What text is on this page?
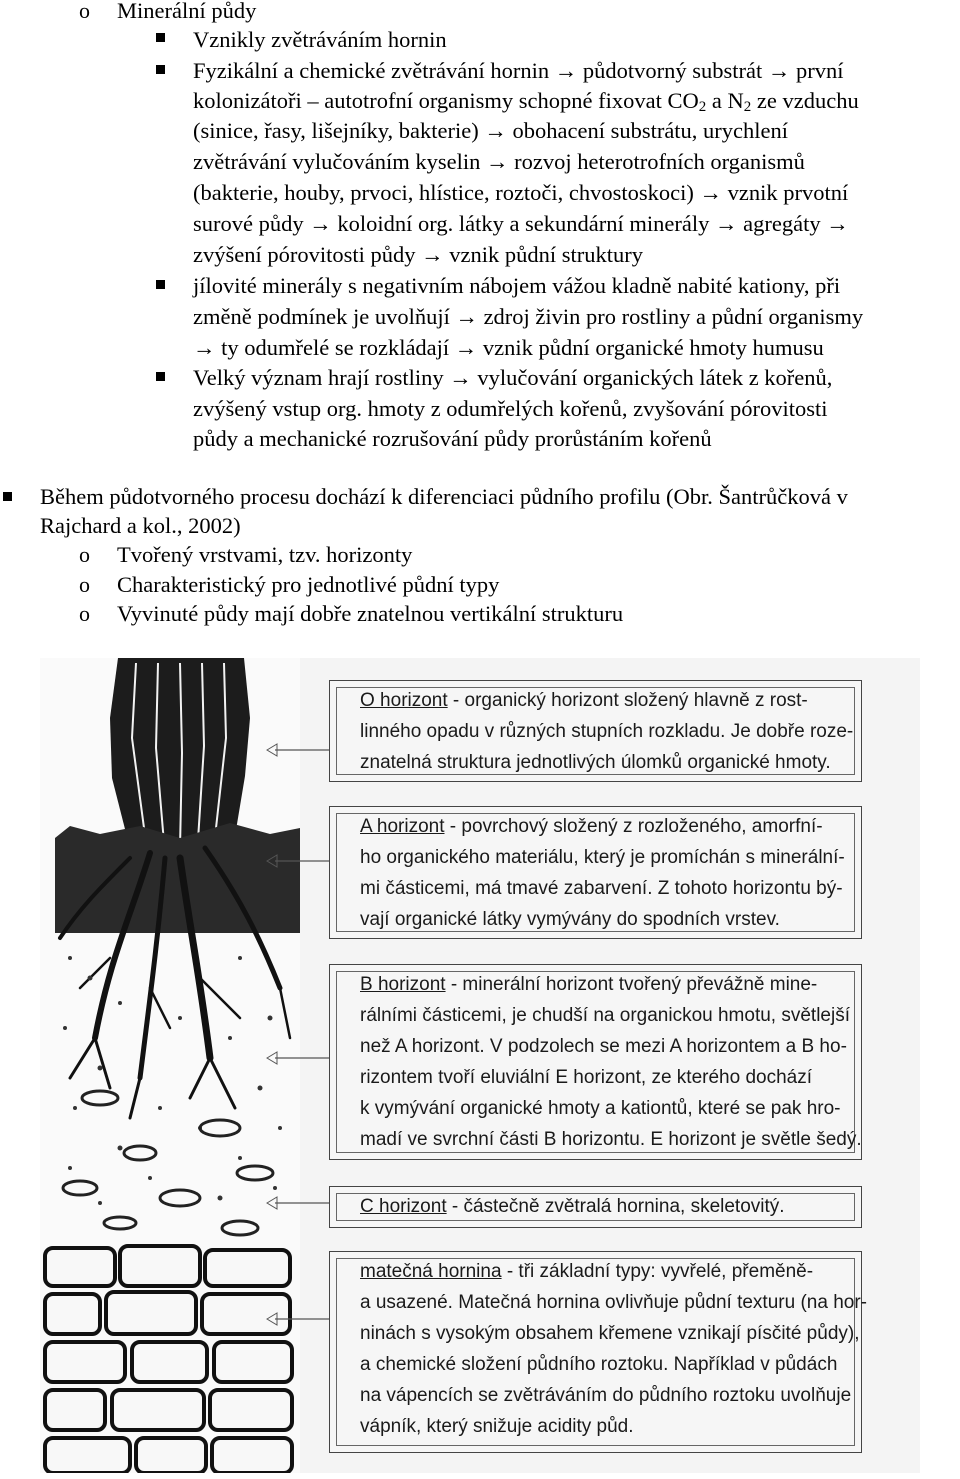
o Minerální půdy
Vznikly zvětráváním hornin
Fyzikální a chemické zvětrávání hornin → půdotvorný substrát → první
kolonizátoři – autotrofní organismy schopné fixovat $CO_2$ a $N_2$ ze vzduchu
(sinice, řasy, lišejníky, bakterie) → obohacení substrátu, urychlení
zvětrávání vylučováním kyselin → rozvoj heterotrofních organismů
(bakterie, houby, prvoci, hlístice, roztoči, chvostoskoci) → vznik prvotní
surové půdy → koloidní org. látky a sekundární minerály → agregáty →
zvýšení pórovitosti půdy → vznik půdní struktury
jílovité minerály s negativním nábojem vážou kladně nabité kationy, při
změně podmínek je uvolňují → zdroj živin pro rostliny a půdní organismy
→ ty odumřelé se rozkládají → vznik půdní organické hmoty humusu
Velký význam hrají rostliny → vylučování organických látek z kořenů,
zvýšený vstup org. hmoty z odumřelých kořenů, zvyšování pórovitosti
půdy a mechanické rozrušování půdy prorůstáním kořenů
Během půdotvorného procesu dochází k diferenciaci půdního profilu (Obr. Šantrůčková v
Rajchard a kol., 2002)
o Tvořený vrstvami, tzv. horizonty
o Charakteristický pro jednotlivé půdní typy
o Vyvinuté půdy mají dobře znatelnou vertikální strukturu
O horizont - organický horizont složený hlavně z rost-
linného opadu v různých stupních rozkladu. Je dobře roze-
znatelná struktura jednotlivých úlomků organické hmoty.
A horizont - povrchový složený z rozloženého, amorfní-
ho organického materiálu, který je promíchán s minerální-
mi částicemi, má tmavé zabarvení. Z tohoto horizontu bý-
vají organické látky vymývány do spodních vrstev.
B horizont - minerální horizont tvořený převážně mine-
rálními částicemi, je chudší na organickou hmotu, světlejší
než A horizont. V podzolech se mezi A horizontem a B ho-
rizontem tvoří eluviální E horizont, ze kterého dochází
k vymývání organické hmoty a kationtů, které se pak hro-
madí ve svrchní části B horizontu. E horizont je světle šedý.
C horizont - částečně zvětralá hornina, skeletovitý.
matečná hornina - tři základní typy: vyvřelé, přeměně-
a usazené. Matečná hornina ovlivňuje půdní texturu (na hor-
ninách s vysokým obsahem křemene vznikají písčité půdy),
a chemické složení půdního roztoku. Například v půdách
na vápencích se zvětráváním do půdního roztoku uvolňuje
vápník, který snižuje acidity půd.
